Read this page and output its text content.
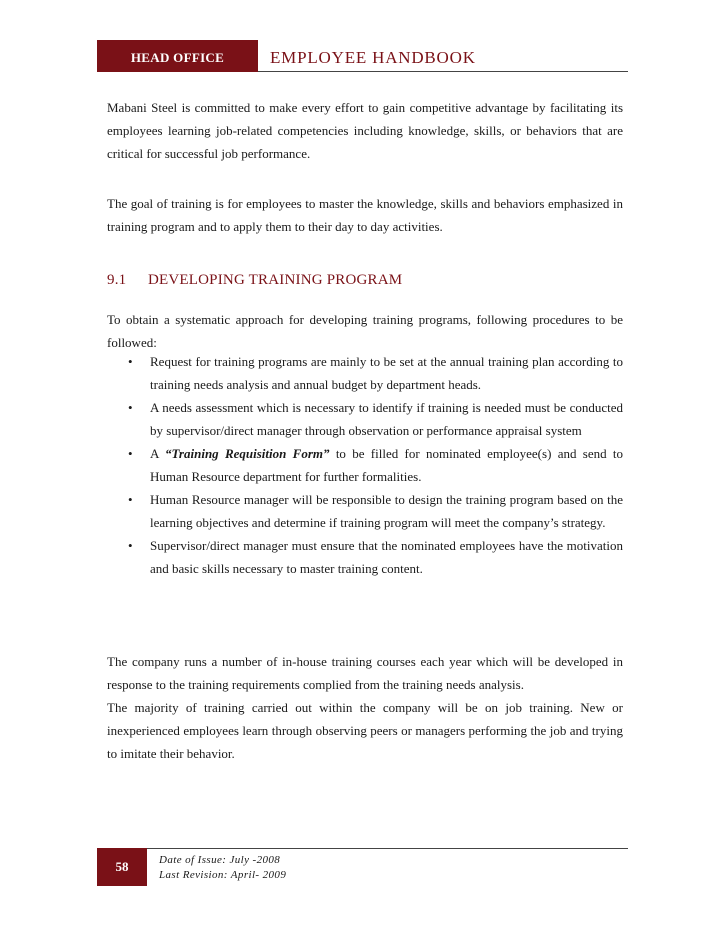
HEAD OFFICE	EMPLOYEE HANDBOOK
Mabani Steel is committed to make every effort to gain competitive advantage by facilitating its employees learning job-related competencies including knowledge, skills, or behaviors that are critical for successful job performance.
The goal of training is for employees to master the knowledge, skills and behaviors emphasized in training program and to apply them to their day to day activities.
9.1 DEVELOPING TRAINING PROGRAM
To obtain a systematic approach for developing training programs, following procedures to be followed:
• Request for training programs are mainly to be set at the annual training plan according to training needs analysis and annual budget by department heads.
• A needs assessment which is necessary to identify if training is needed must be conducted by supervisor/direct manager through observation or performance appraisal system
• A “Training Requisition Form” to be filled for nominated employee(s) and send to Human Resource department for further formalities.
• Human Resource manager will be responsible to design the training program based on the learning objectives and determine if training program will meet the company’s strategy.
• Supervisor/direct manager must ensure that the nominated employees have the motivation and basic skills necessary to master training content.
The company runs a number of in-house training courses each year which will be developed in response to the training requirements complied from the training needs analysis.
The majority of training carried out within the company will be on job training. New or inexperienced employees learn through observing peers or managers performing the job and trying to imitate their behavior.
58	Date of Issue: July -2008
Last Revision: April- 2009
